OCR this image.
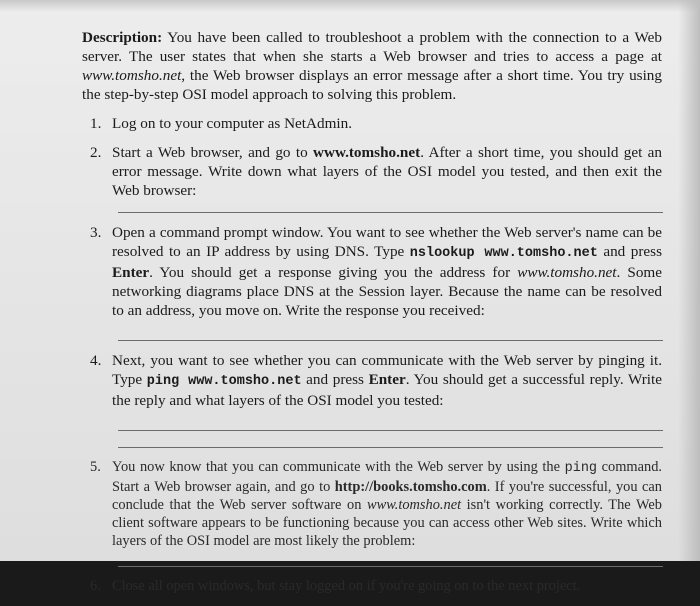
Description: You have been called to troubleshoot a problem with the connection to a Web server. The user states that when she starts a Web browser and tries to access a page at www.tomsho.net, the Web browser displays an error message after a short time. You try using the step-by-step OSI model approach to solving this problem.

1. Log on to your computer as NetAdmin.
2. Start a Web browser, and go to www.tomsho.net. After a short time, you should get an error message. Write down what layers of the OSI model you tested, and then exit the Web browser:
3. Open a command prompt window. You want to see whether the Web server's name can be resolved to an IP address by using DNS. Type nslookup www.tomsho.net and press Enter. You should get a response giving you the address for www.tomsho.net. Some networking diagrams place DNS at the Session layer. Because the name can be resolved to an address, you move on. Write the response you received:
4. Next, you want to see whether you can communicate with the Web server by pinging it. Type ping www.tomsho.net and press Enter. You should get a successful reply. Write the reply and what layers of the OSI model you tested:
5. You now know that you can communicate with the Web server by using the ping command. Start a Web browser again, and go to http://books.tomsho.com. If you're successful, you can conclude that the Web server software on www.tomsho.net isn't working correctly. The Web client software appears to be functioning because you can access other Web sites. Write which layers of the OSI model are most likely the problem:
6. Close all open windows, but stay logged on if you're going on to the next project.
